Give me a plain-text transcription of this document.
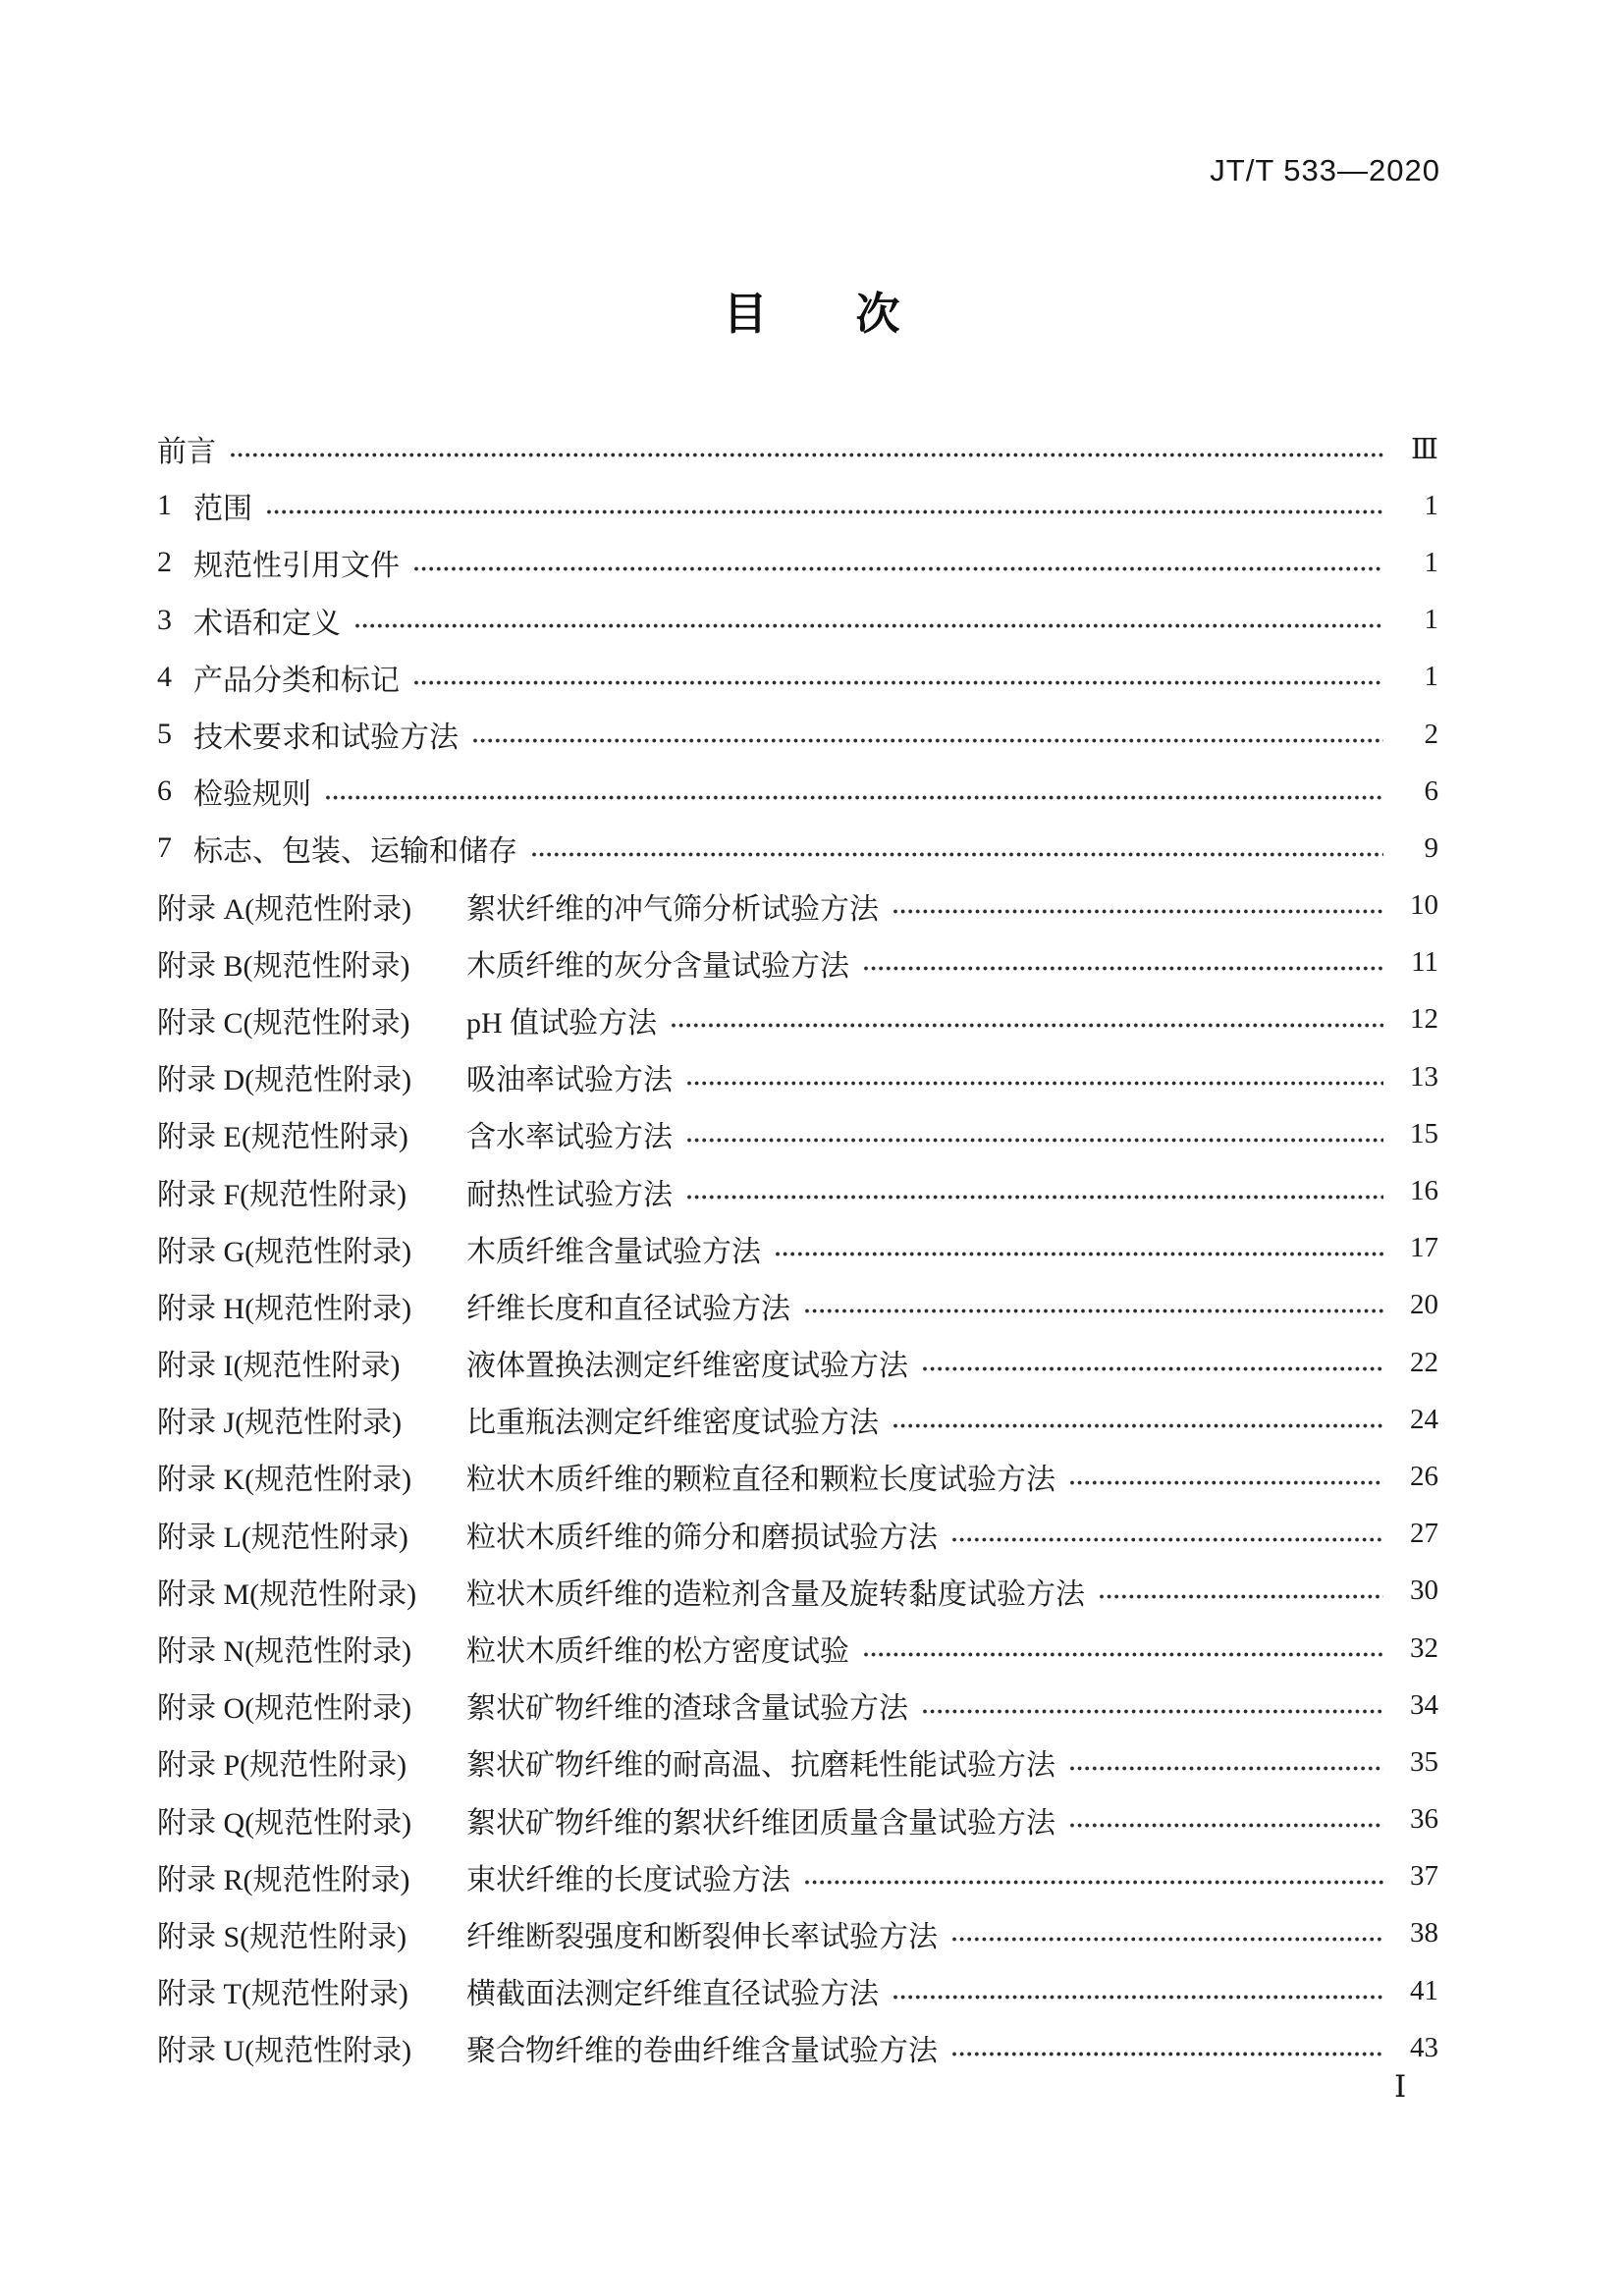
JT/T 533—2020
目　　次
前言	Ⅲ
1 范围	1
2 规范性引用文件	1
3 术语和定义	1
4 产品分类和标记	1
5 技术要求和试验方法	2
6 检验规则	6
7 标志、包装、运输和储存	9
附录 A(规范性附录)	絮状纤维的冲气筛分析试验方法	10
附录 B(规范性附录)	木质纤维的灰分含量试验方法	11
附录 C(规范性附录)	pH 值试验方法	12
附录 D(规范性附录)	吸油率试验方法	13
附录 E(规范性附录)	含水率试验方法	15
附录 F(规范性附录)	耐热性试验方法	16
附录 G(规范性附录)	木质纤维含量试验方法	17
附录 H(规范性附录)	纤维长度和直径试验方法	20
附录 I(规范性附录)	液体置换法测定纤维密度试验方法	22
附录 J(规范性附录)	比重瓶法测定纤维密度试验方法	24
附录 K(规范性附录)	粒状木质纤维的颗粒直径和颗粒长度试验方法	26
附录 L(规范性附录)	粒状木质纤维的筛分和磨损试验方法	27
附录 M(规范性附录)	粒状木质纤维的造粒剂含量及旋转黏度试验方法	30
附录 N(规范性附录)	粒状木质纤维的松方密度试验	32
附录 O(规范性附录)	絮状矿物纤维的渣球含量试验方法	34
附录 P(规范性附录)	絮状矿物纤维的耐高温、抗磨耗性能试验方法	35
附录 Q(规范性附录)	絮状矿物纤维的絮状纤维团质量含量试验方法	36
附录 R(规范性附录)	束状纤维的长度试验方法	37
附录 S(规范性附录)	纤维断裂强度和断裂伸长率试验方法	38
附录 T(规范性附录)	横截面法测定纤维直径试验方法	41
附录 U(规范性附录)	聚合物纤维的卷曲纤维含量试验方法	43
Ⅰ
